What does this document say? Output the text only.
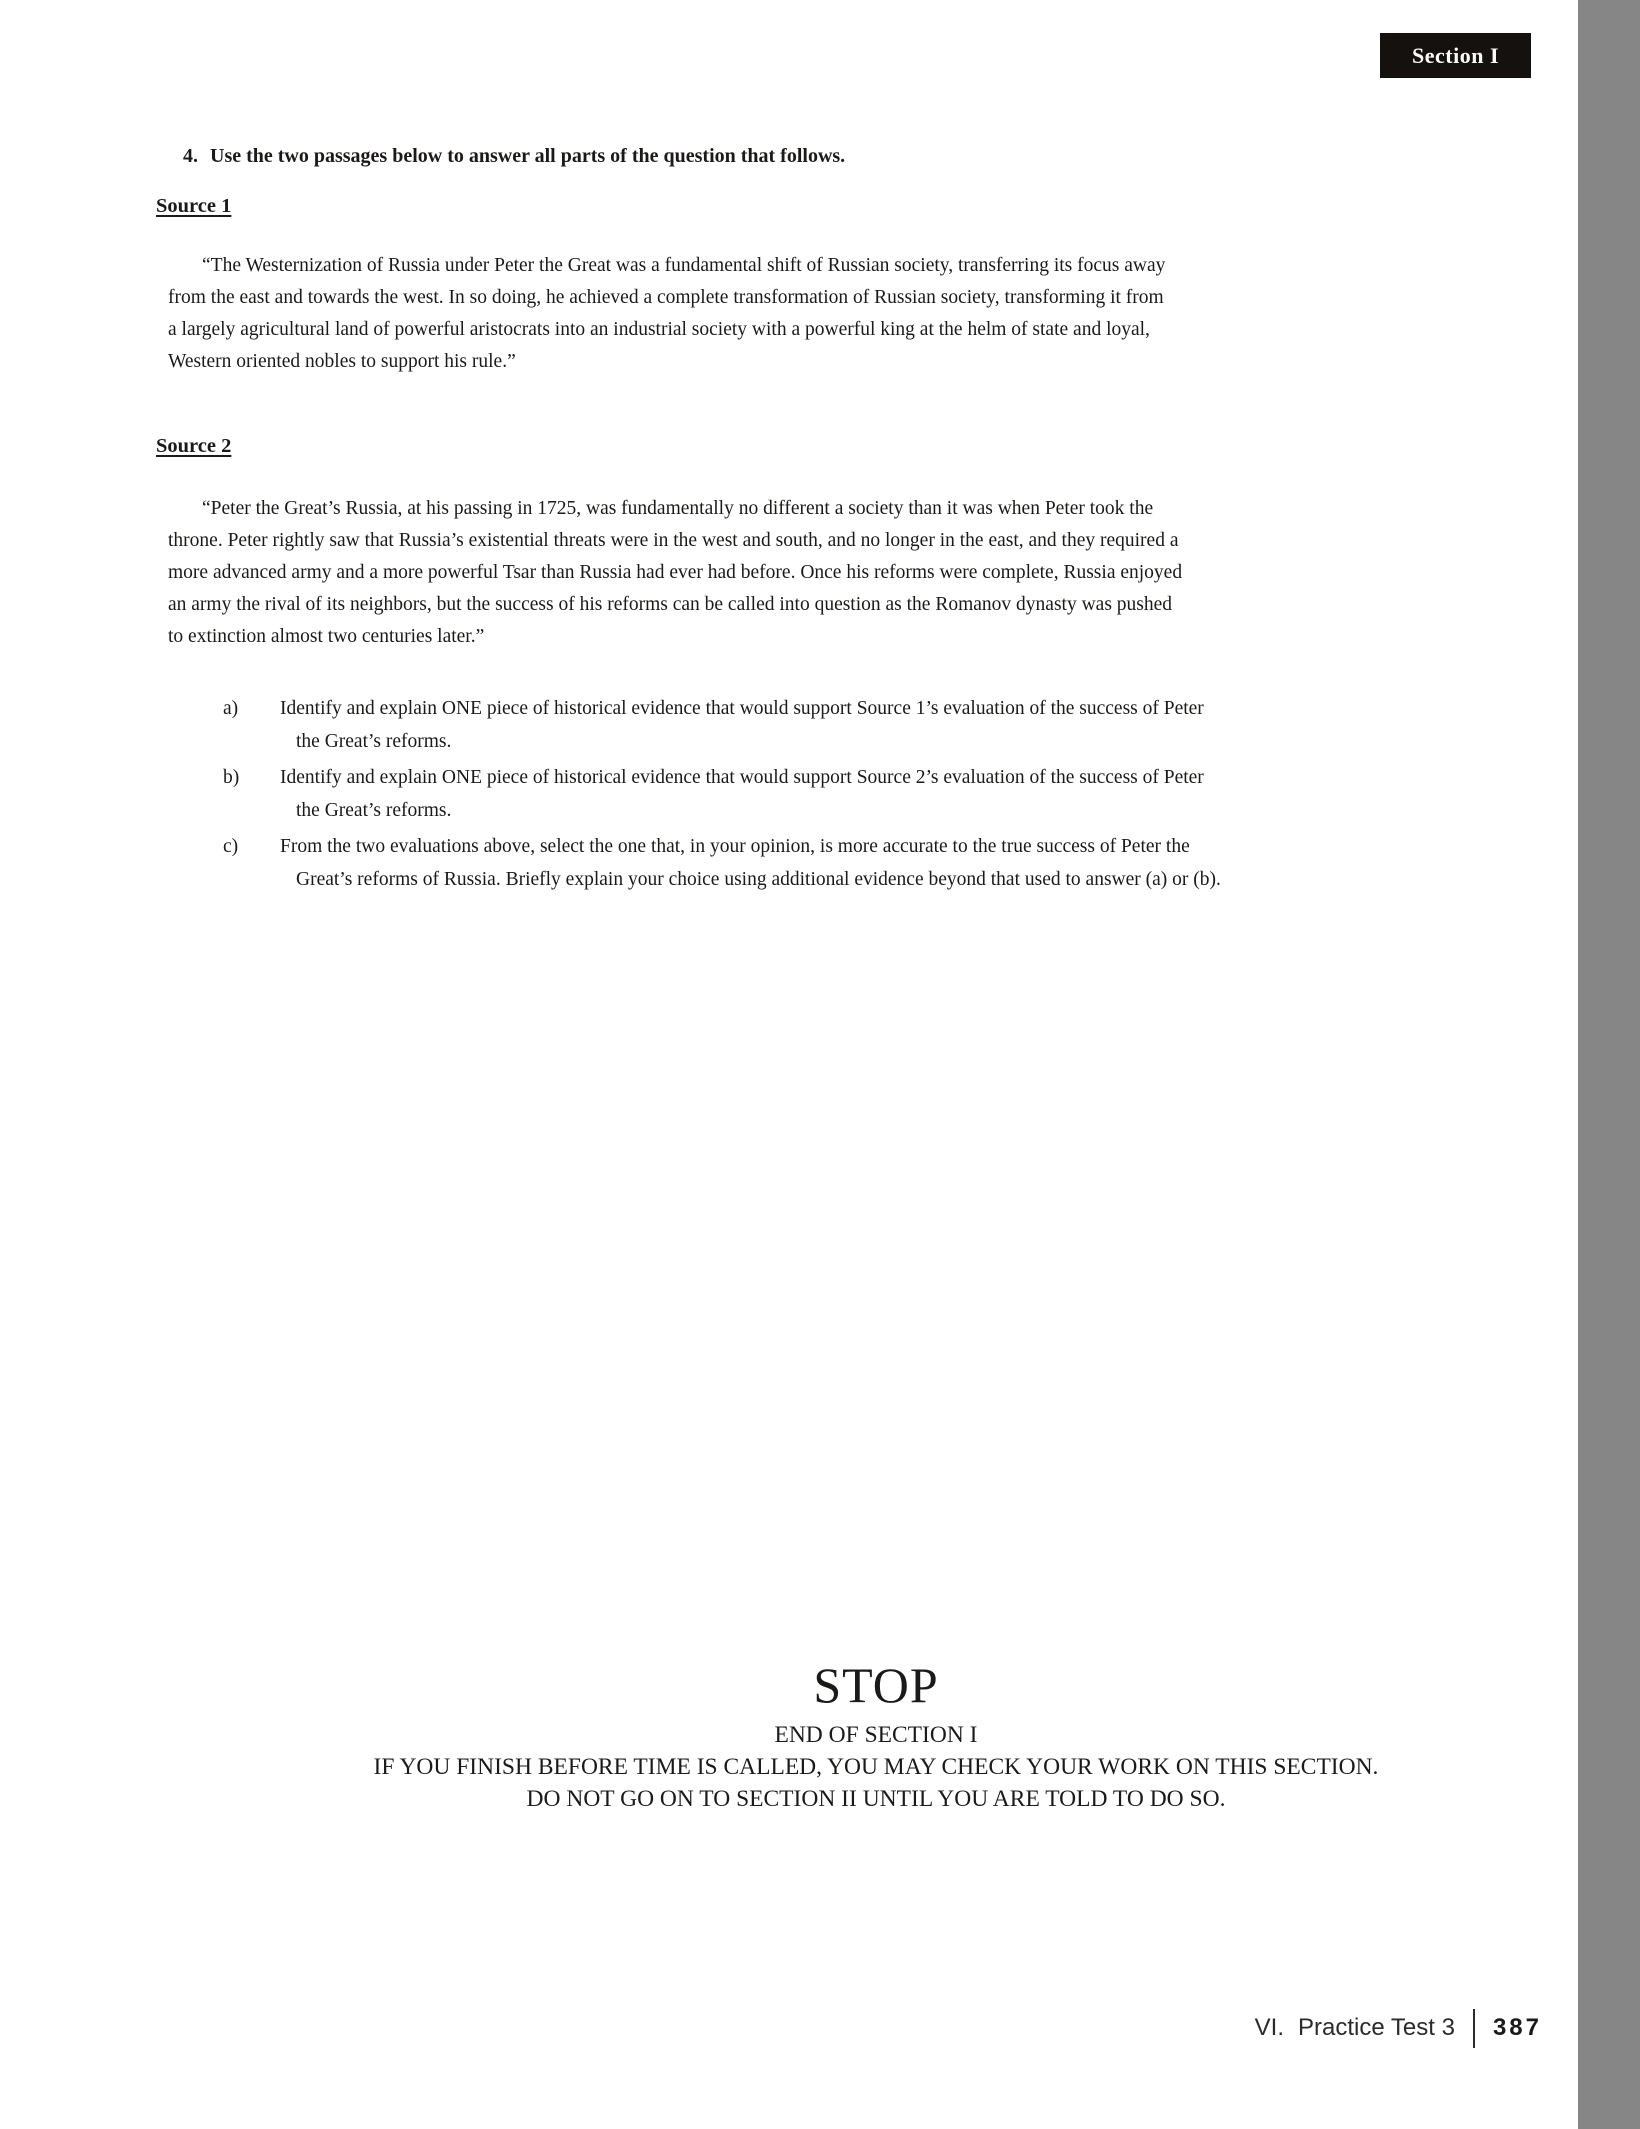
Section I
4. Use the two passages below to answer all parts of the question that follows.
Source 1
“The Westernization of Russia under Peter the Great was a fundamental shift of Russian society, transferring its focus away
from the east and towards the west. In so doing, he achieved a complete transformation of Russian society, transforming it from
a largely agricultural land of powerful aristocrats into an industrial society with a powerful king at the helm of state and loyal,
Western oriented nobles to support his rule.”
Source 2
“Peter the Great’s Russia, at his passing in 1725, was fundamentally no different a society than it was when Peter took the
throne. Peter rightly saw that Russia’s existential threats were in the west and south, and no longer in the east, and they required a
more advanced army and a more powerful Tsar than Russia had ever had before. Once his reforms were complete, Russia enjoyed
an army the rival of its neighbors, but the success of his reforms can be called into question as the Romanov dynasty was pushed
to extinction almost two centuries later.”
a)	Identify and explain ONE piece of historical evidence that would support Source 1’s evaluation of the success of Peter
the Great’s reforms.
b)	Identify and explain ONE piece of historical evidence that would support Source 2’s evaluation of the success of Peter
the Great’s reforms.
c)	From the two evaluations above, select the one that, in your opinion, is more accurate to the true success of Peter the
Great’s reforms of Russia. Briefly explain your choice using additional evidence beyond that used to answer (a) or (b).
STOP
END OF SECTION I
IF YOU FINISH BEFORE TIME IS CALLED, YOU MAY CHECK YOUR WORK ON THIS SECTION.
DO NOT GO ON TO SECTION II UNTIL YOU ARE TOLD TO DO SO.
VI. Practice Test 3 387
